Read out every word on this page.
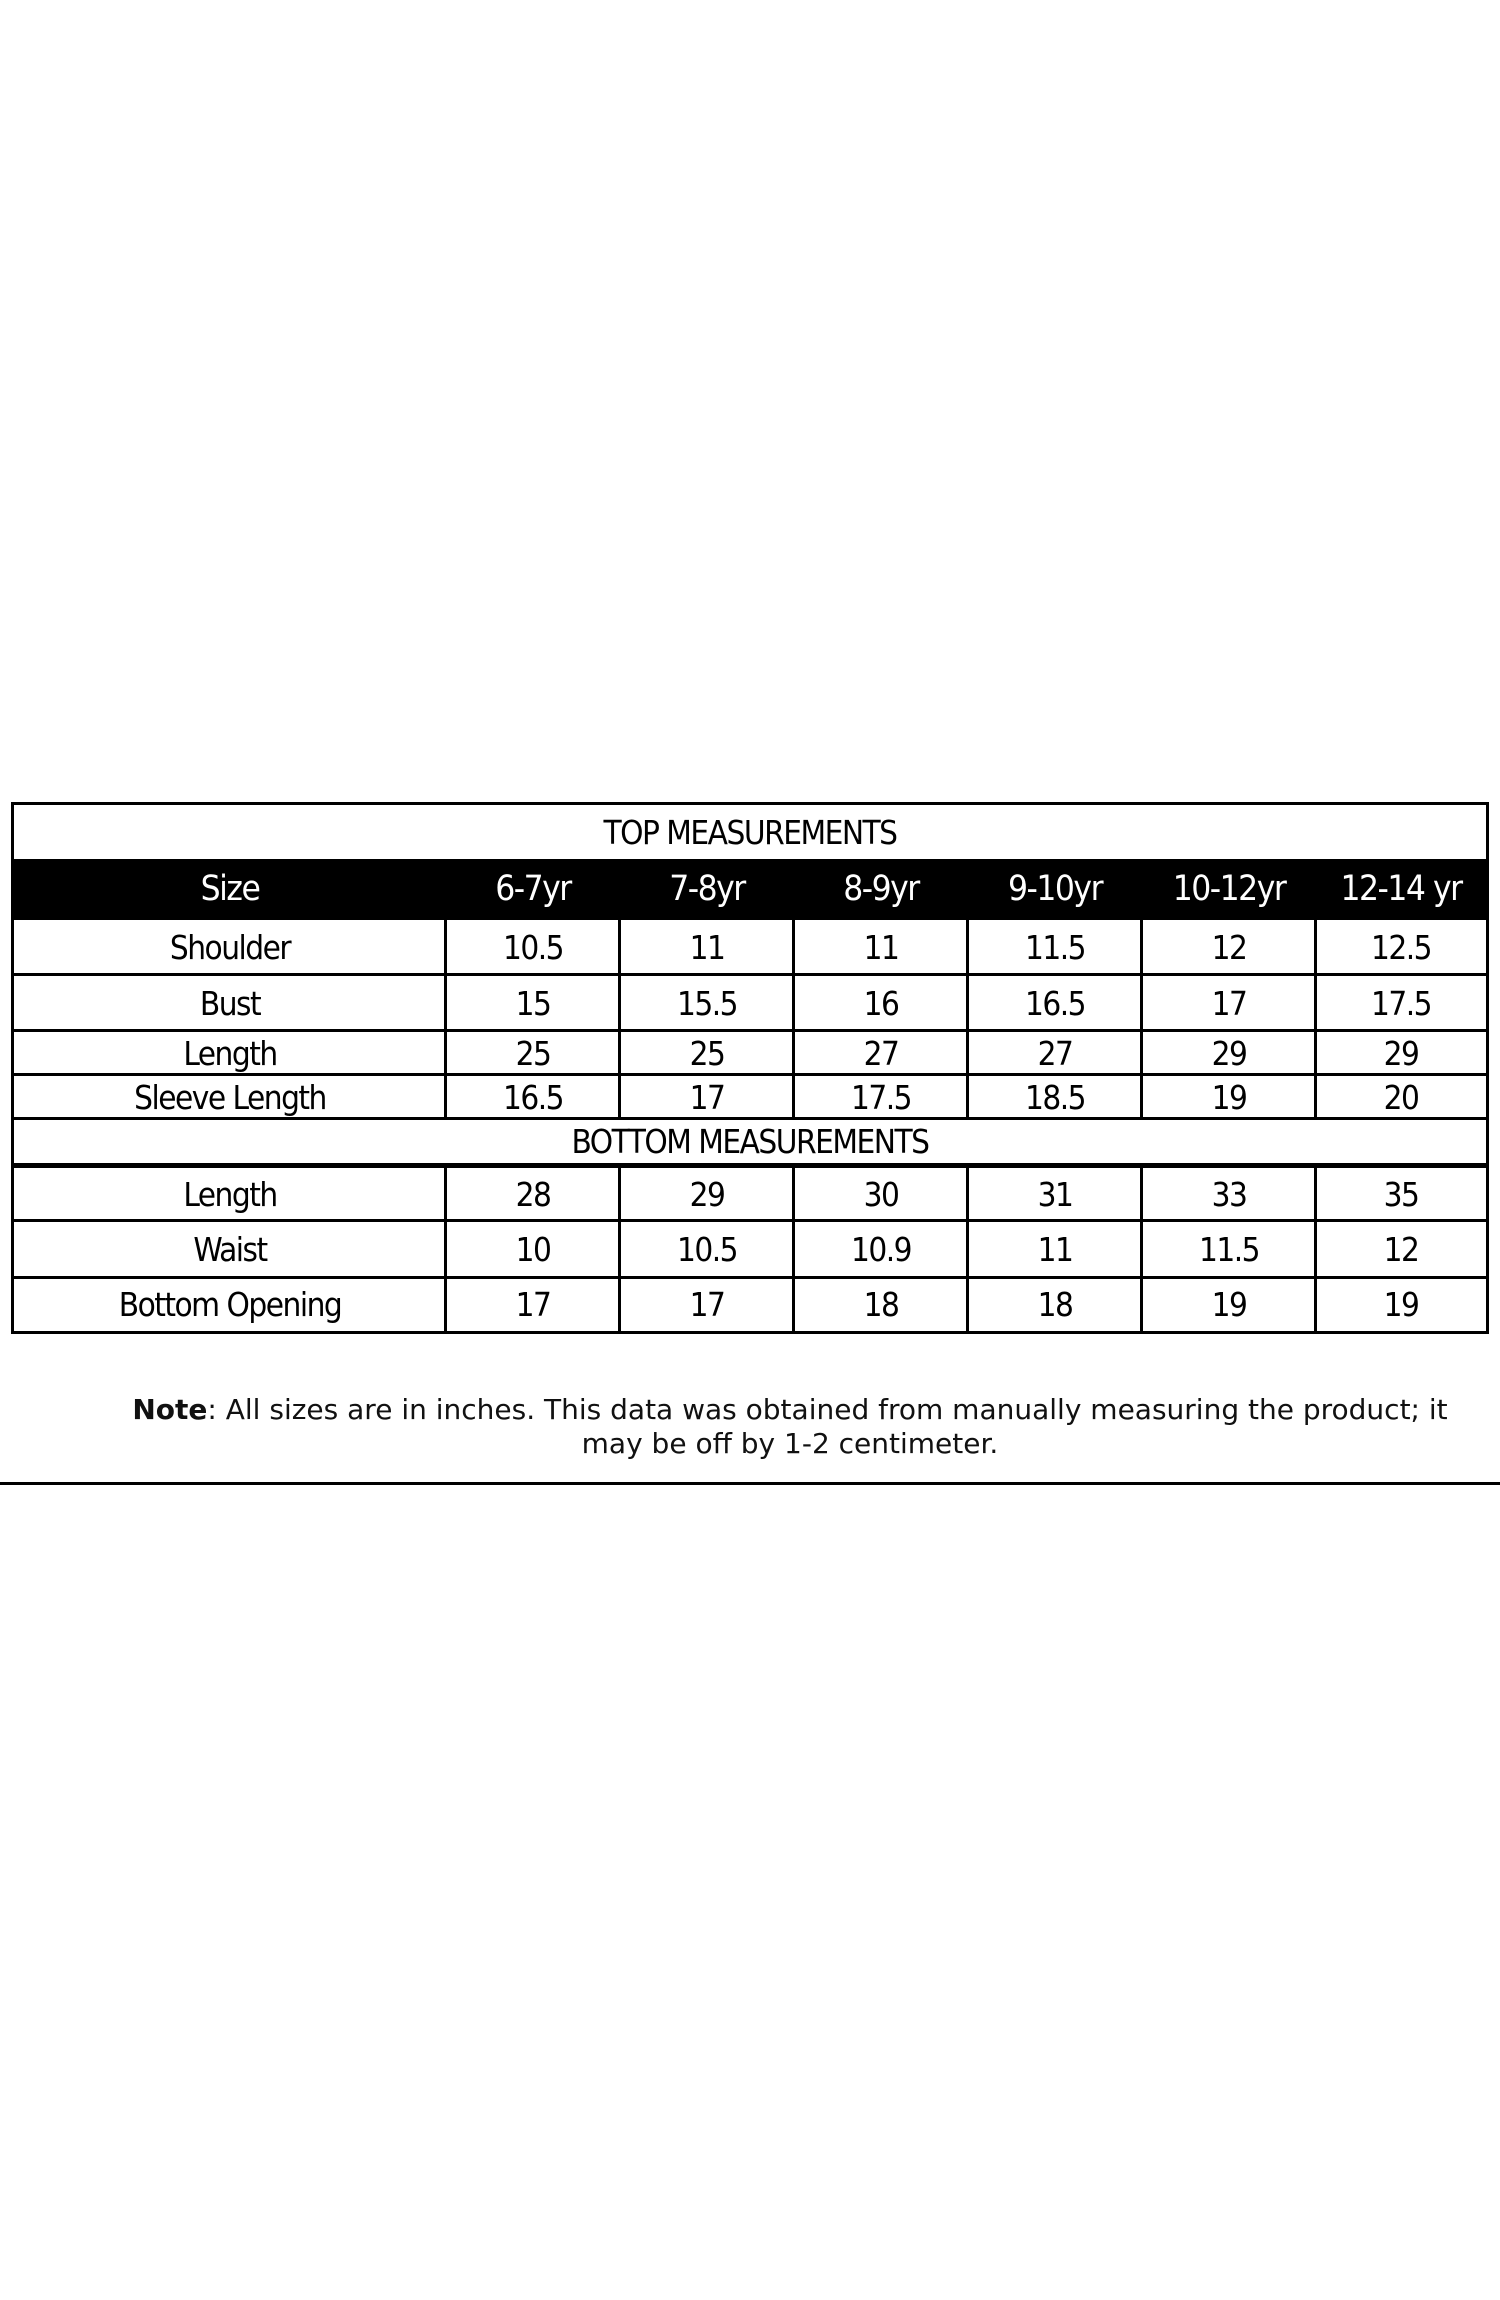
TOP MEASUREMENTS
Size	6-7yr	7-8yr	8-9yr	9-10yr	10-12yr	12-14 yr
Shoulder	10.5	11	11	11.5	12	12.5
Bust	15	15.5	16	16.5	17	17.5
Length	25	25	27	27	29	29
Sleeve Length	16.5	17	17.5	18.5	19	20
BOTTOM MEASUREMENTS
Length	28	29	30	31	33	35
Waist	10	10.5	10.9	11	11.5	12
Bottom Opening	17	17	18	18	19	19
Note: All sizes are in inches. This data was obtained from manually measuring the product; it may be off by 1-2 centimeter.
